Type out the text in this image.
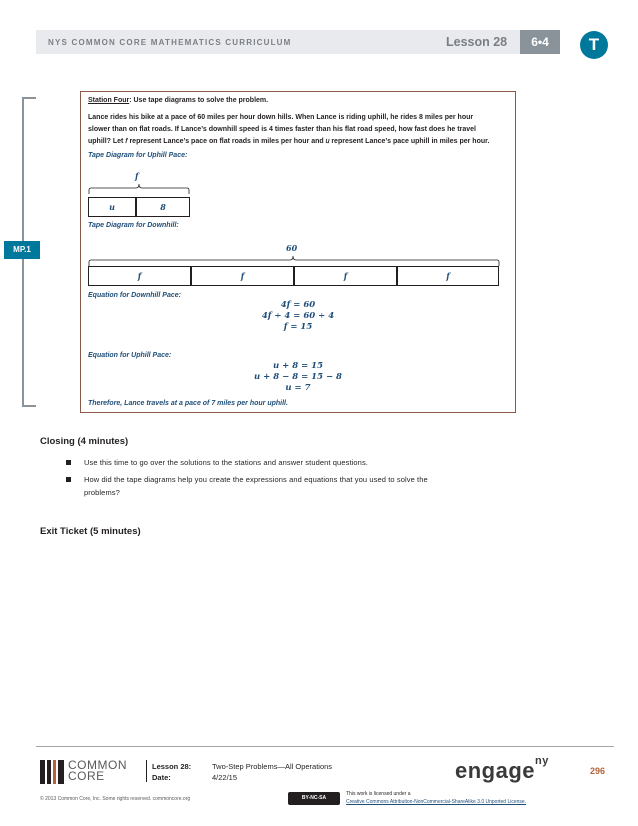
NYS COMMON CORE MATHEMATICS CURRICULUM	Lesson 28	6•4	T
MP.1
Station Four: Use tape diagrams to solve the problem.
Lance rides his bike at a pace of 60 miles per hour down hills. When Lance is riding uphill, he rides 8 miles per hour
slower than on flat roads. If Lance’s downhill speed is 4 times faster than his flat road speed, how fast does he travel
uphill? Let 𝑓 represent Lance’s pace on flat roads in miles per hour and 𝑢 represent Lance’s pace uphill in miles per hour.
Tape Diagram for Uphill Pace:
f
u	8
Tape Diagram for Downhill:
60
f	f	f	f
Equation for Downhill Pace:
4f = 60
4f ÷ 4 = 60 ÷ 4
f = 15
Equation for Uphill Pace:
u + 8 = 15
u + 8 − 8 = 15 − 8
u = 7
Therefore, Lance travels at a pace of 7 miles per hour uphill.
Closing (4 minutes)
Use this time to go over the solutions to the stations and answer student questions.
How did the tape diagrams help you create the expressions and equations that you used to solve the
problems?
Exit Ticket (5 minutes)
COMMON
CORE
Lesson 28:	Two-Step Problems—All Operations
Date:	4/22/15	engage$^{ny}$
296
© 2013 Common Core, Inc. Some rights reserved. commoncore.org	BY-NC-SA
This work is licensed under a
Creative Commons Attribution-NonCommercial-ShareAlike 3.0 Unported License.
